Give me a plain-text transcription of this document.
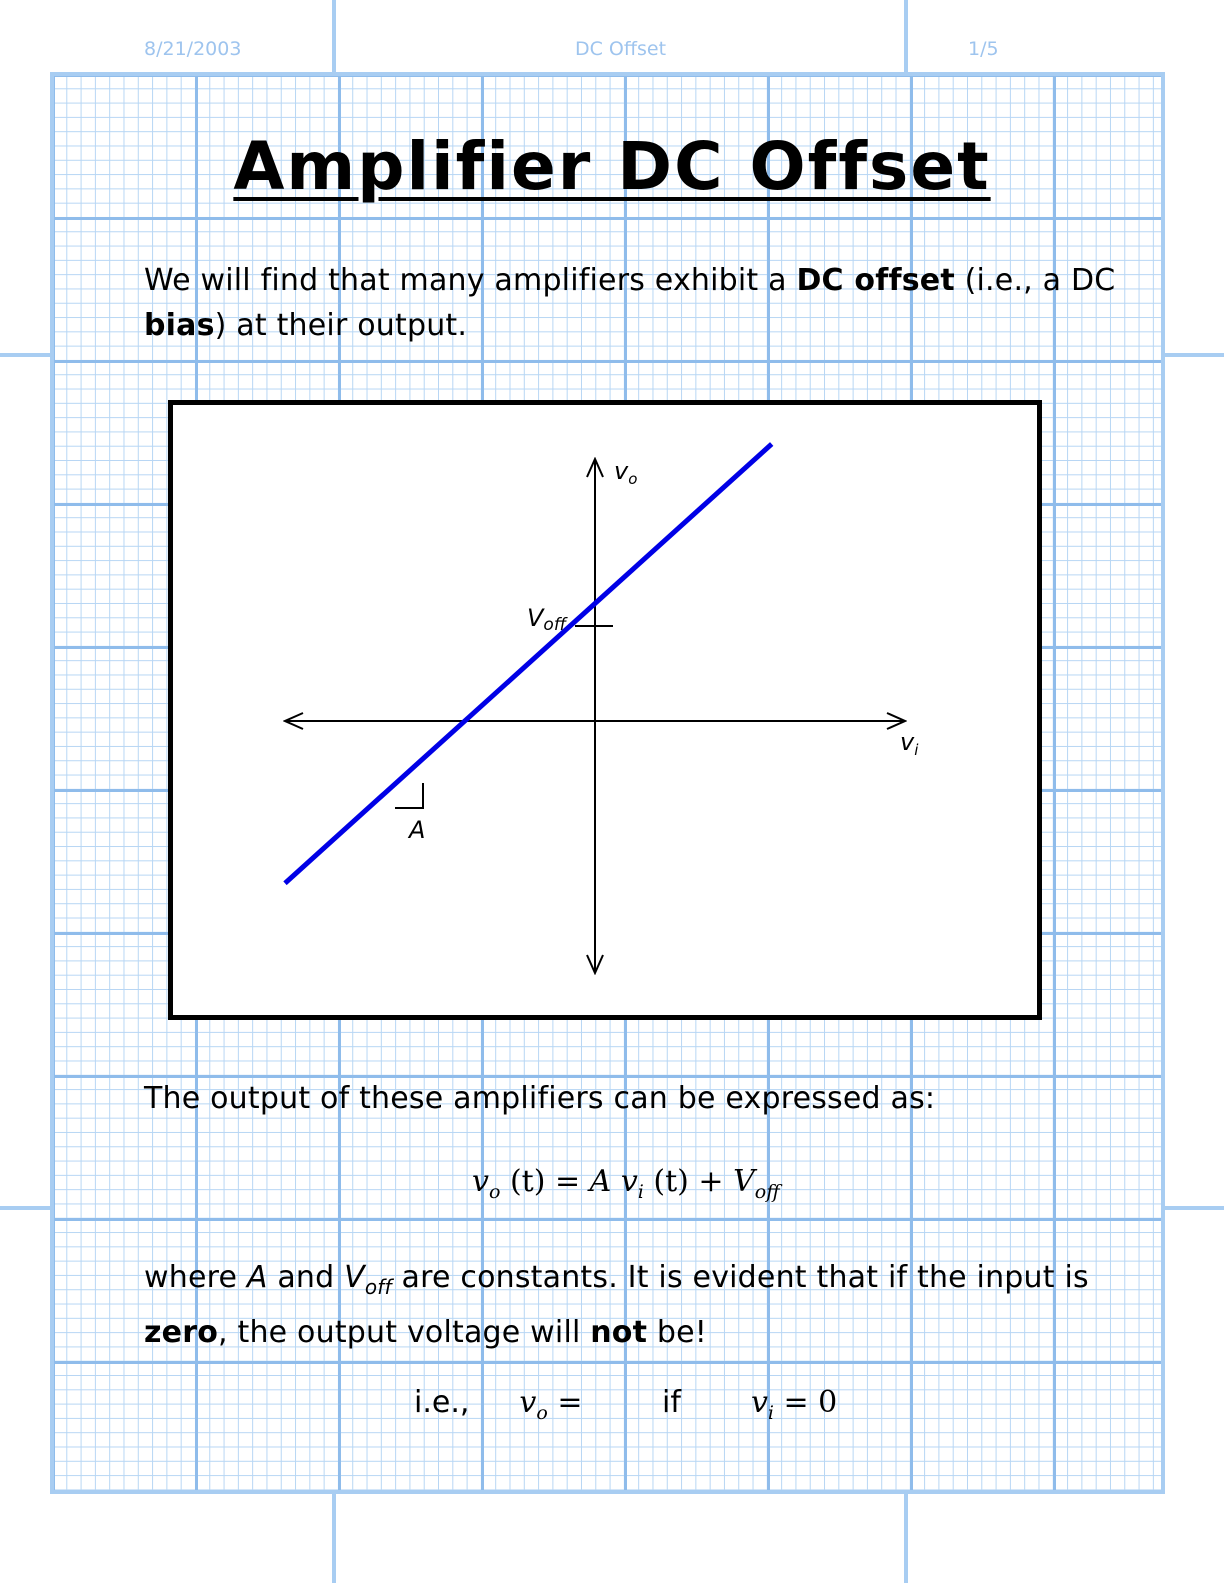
8/21/2003	DC Offset	1/5
Amplifier DC Offset
We will find that many amplifiers exhibit a DC offset (i.e., a DC bias) at their output.
$v_o$
$v_i$
Voff
A
The output of these amplifiers can be expressed as:
$v_o$ (t) = A $v_i$ $(t) + V_{off}$
where A and $V_{off}$ are constants. It is evident that if the input is zero, the output voltage will not be!
i.e., $v_o$ = if $v_i = 0$
